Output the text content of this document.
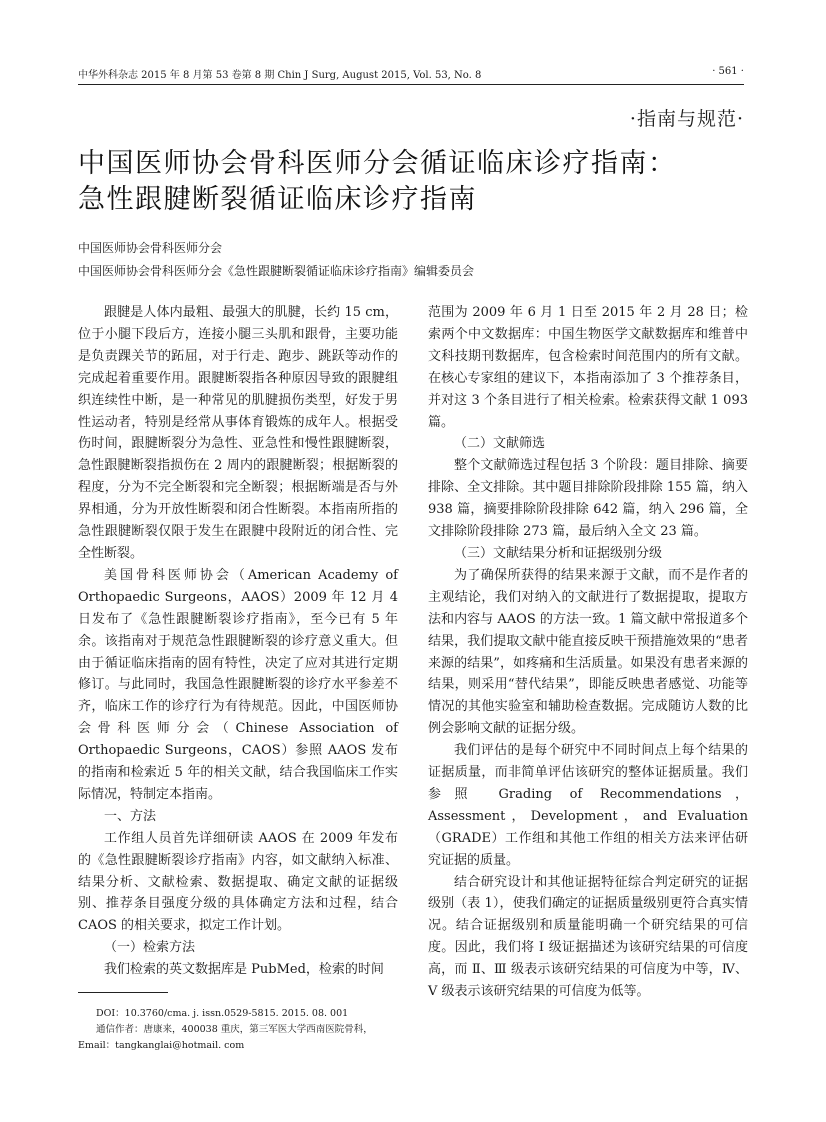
中华外科杂志 2015 年 8 月第 53 卷第 8 期 Chin J Surg, August 2015, Vol. 53, No. 8	· 561 ·
·指南与规范·
中国医师协会骨科医师分会循证临床诊疗指南：
急性跟腱断裂循证临床诊疗指南
中国医师协会骨科医师分会
中国医师协会骨科医师分会《急性跟腱断裂循证临床诊疗指南》编辑委员会

跟腱是人体内最粗、最强大的肌腱，长约 15 cm，位于小腿下段后方，连接小腿三头肌和跟骨，主要功能是负责踝关节的跖屈，对于行走、跑步、跳跃等动作的完成起着重要作用。跟腱断裂指各种原因导致的跟腱组织连续性中断，是一种常见的肌腱损伤类型，好发于男性运动者，特别是经常从事体育锻炼的成年人。根据受伤时间，跟腱断裂分为急性、亚急性和慢性跟腱断裂，急性跟腱断裂指损伤在 2 周内的跟腱断裂；根据断裂的程度，分为不完全断裂和完全断裂；根据断端是否与外界相通，分为开放性断裂和闭合性断裂。本指南所指的急性跟腱断裂仅限于发生在跟腱中段附近的闭合性、完全性断裂。

美国骨科医师协会（American Academy of Orthopaedic Surgeons，AAOS）2009 年 12 月 4 日发布了《急性跟腱断裂诊疗指南》，至今已有 5 年余。该指南对于规范急性跟腱断裂的诊疗意义重大。但由于循证临床指南的固有特性，决定了应对其进行定期修订。与此同时，我国急性跟腱断裂的诊疗水平参差不齐，临床工作的诊疗行为有待规范。因此，中国医师协会骨科医师分会（Chinese Association of Orthopaedic Surgeons，CAOS）参照 AAOS 发布的指南和检索近 5 年的相关文献，结合我国临床工作实际情况，特制定本指南。

一、方法

工作组人员首先详细研读 AAOS 在 2009 年发布的《急性跟腱断裂诊疗指南》内容，如文献纳入标准、结果分析、文献检索、数据提取、确定文献的证据级别、推荐条目强度分级的具体确定方法和过程，结合 CAOS 的相关要求，拟定工作计划。

（一）检索方法

我们检索的英文数据库是 PubMed，检索的时间

范围为 2009 年 6 月 1 日至 2015 年 2 月 28 日；检索两个中文数据库：中国生物医学文献数据库和维普中文科技期刊数据库，包含检索时间范围内的所有文献。在核心专家组的建议下，本指南添加了 3 个推荐条目，并对这 3 个条目进行了相关检索。检索获得文献 1 093 篇。

（二）文献筛选

整个文献筛选过程包括 3 个阶段：题目排除、摘要排除、全文排除。其中题目排除阶段排除 155 篇，纳入 938 篇，摘要排除阶段排除 642 篇，纳入 296 篇，全文排除阶段排除 273 篇，最后纳入全文 23 篇。

（三）文献结果分析和证据级别分级

为了确保所获得的结果来源于文献，而不是作者的主观结论，我们对纳入的文献进行了数据提取，提取方法和内容与 AAOS 的方法一致。1 篇文献中常报道多个结果，我们提取文献中能直接反映干预措施效果的“患者来源的结果”，如疼痛和生活质量。如果没有患者来源的结果，则采用“替代结果”，即能反映患者感觉、功能等情况的其他实验室和辅助检查数据。完成随访人数的比例会影响文献的证据分级。

我们评估的是每个研究中不同时间点上每个结果的证据质量，而非简单评估该研究的整体证据质量。我们参照 Grading of Recommendations，Assessment，Development，and Evaluation（GRADE）工作组和其他工作组的相关方法来评估研究证据的质量。

结合研究设计和其他证据特征综合判定研究的证据级别（表 1），使我们确定的证据质量级别更符合真实情况。结合证据级别和质量能明确一个研究结果的可信度。因此，我们将 Ⅰ 级证据描述为该研究结果的可信度高，而 Ⅱ、Ⅲ 级表示该研究结果的可信度为中等，Ⅳ、Ⅴ 级表示该研究结果的可信度为低等。

DOI：10.3760/cma. j. issn.0529-5815. 2015. 08. 001

通信作者：唐康来，400038 重庆，第三军医大学西南医院骨科，Email：tangkanglai@hotmail. com
